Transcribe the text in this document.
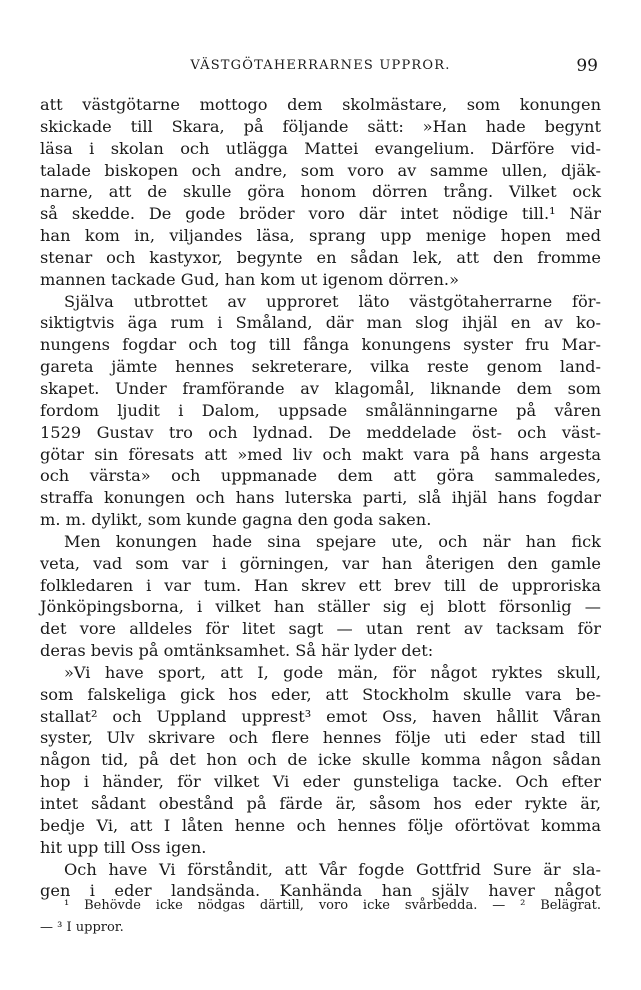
VÄSTGÖTAHERRARNES UPPROR.	99
att västgötarne mottogo dem skolmästare, som konungen
skickade till Skara, på följande sätt: »Han hade begynt
läsa i skolan och utlägga Mattei evangelium. Därföre vid-
talade biskopen och andre, som voro av samme ullen, djäk-
narne, att de skulle göra honom dörren trång. Vilket ock
så skedde. De gode bröder voro där intet nödige till.¹ När
han kom in, viljandes läsa, sprang upp menige hopen med
stenar och kastyxor, begynte en sådan lek, att den fromme
mannen tackade Gud, han kom ut igenom dörren.»
Själva utbrottet av upproret läto västgötaherrarne för-
siktigtvis äga rum i Småland, där man slog ihjäl en av ko-
nungens fogdar och tog till fånga konungens syster fru Mar-
gareta jämte hennes sekreterare, vilka reste genom land-
skapet. Under framförande av klagomål, liknande dem som
fordom ljudit i Dalom, uppsade smålänningarne på våren
1529 Gustav tro och lydnad. De meddelade öst- och väst-
götar sin föresats att »med liv och makt vara på hans argesta
och värsta» och uppmanade dem att göra sammaledes,
straffa konungen och hans luterska parti, slå ihjäl hans fogdar
m. m. dylikt, som kunde gagna den goda saken.
Men konungen hade sina spejare ute, och när han fick
veta, vad som var i görningen, var han återigen den gamle
folkledaren i var tum. Han skrev ett brev till de upproriska
Jönköpingsborna, i vilket han ställer sig ej blott försonlig —
det vore alldeles för litet sagt — utan rent av tacksam för
deras bevis på omtänksamhet. Så här lyder det:
»Vi have sport, att I, gode män, för något ryktes skull,
som falskeliga gick hos eder, att Stockholm skulle vara be-
stallat² och Uppland upprest³ emot Oss, haven hållit Våran
syster, Ulv skrivare och flere hennes följe uti eder stad till
någon tid, på det hon och de icke skulle komma någon sådan
hop i händer, för vilket Vi eder gunsteliga tacke. Och efter
intet sådant obestånd på färde är, såsom hos eder rykte är,
bedje Vi, att I låten henne och hennes följe oförtövat komma
hit upp till Oss igen.
Och have Vi förståndit, att Vår fogde Gottfrid Sure är sla-
gen i eder landsända. Kanhända han själv haver något
¹ Behövde icke nödgas därtill, voro icke svårbedda. — ² Belägrat.
— ³ I uppror.
